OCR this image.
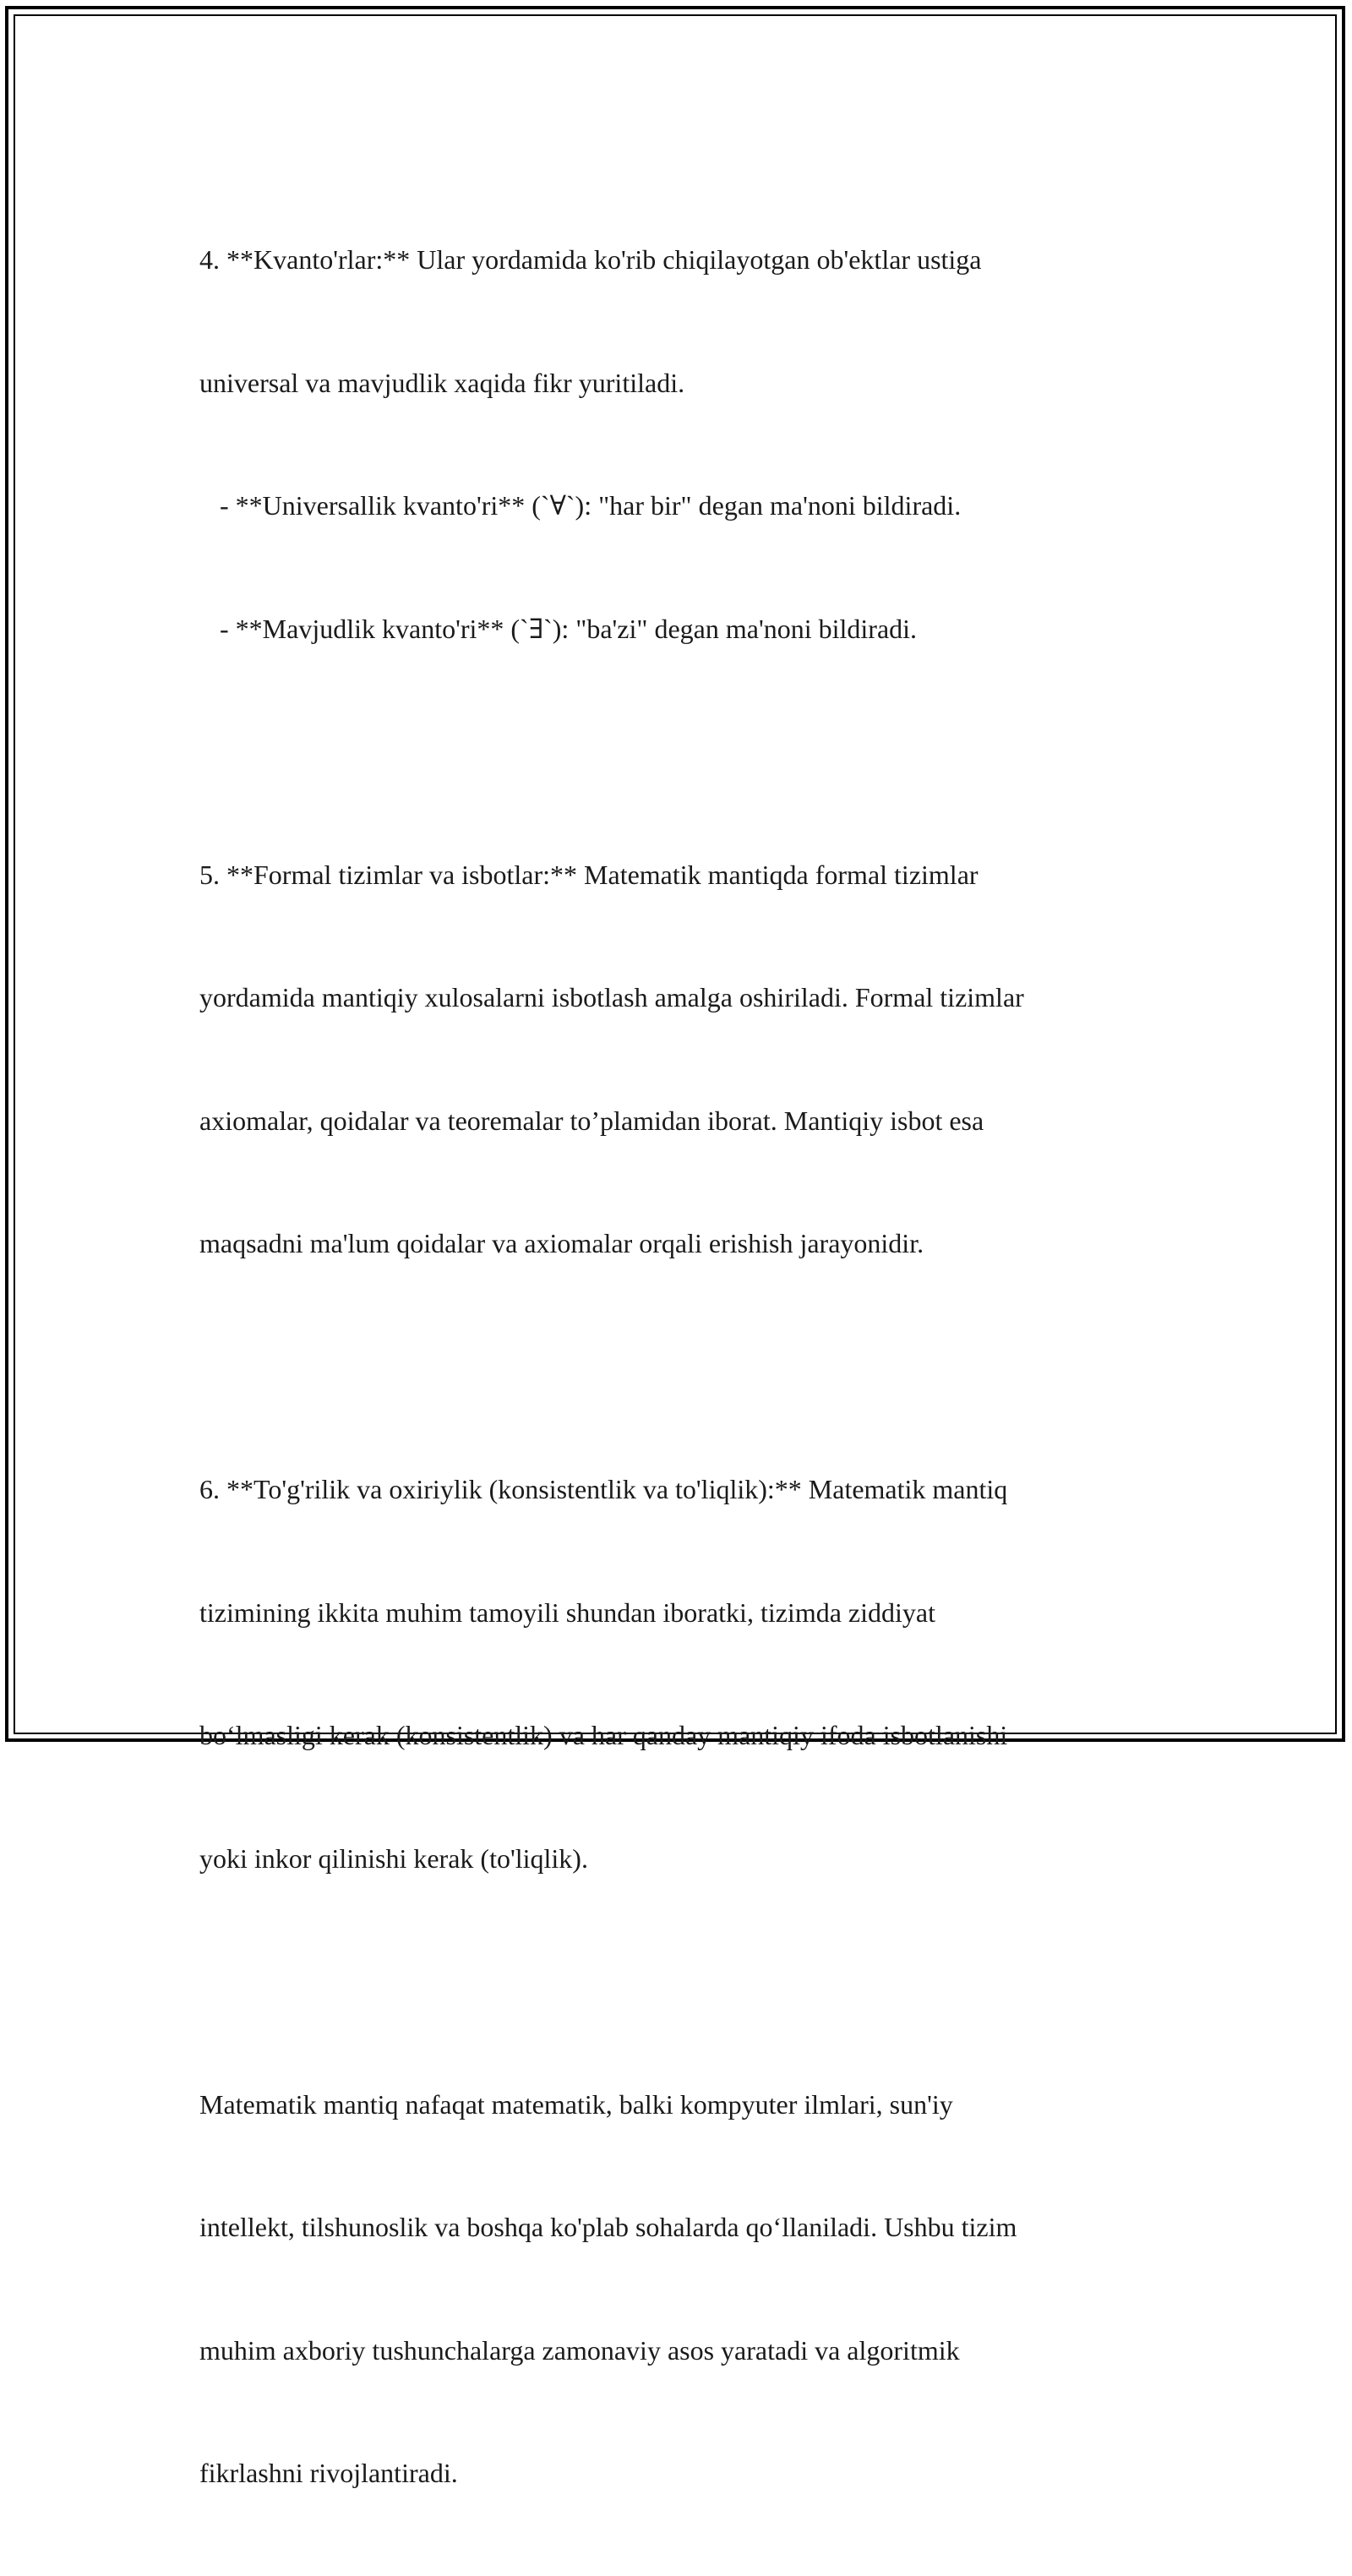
4. **Kvanto'rlar:** Ular yordamida ko'rib chiqilayotgan ob'ektlar ustiga

universal va mavjudlik xaqida fikr yuritiladi.

- **Universallik kvanto'ri** (`∀`): "har bir" degan ma'noni bildiradi.

- **Mavjudlik kvanto'ri** (`∃`): "ba'zi" degan ma'noni bildiradi.

5. **Formal tizimlar va isbotlar:** Matematik mantiqda formal tizimlar

yordamida mantiqiy xulosalarni isbotlash amalga oshiriladi. Formal tizimlar

axiomalar, qoidalar va teoremalar to’plamidan iborat. Mantiqiy isbot esa

maqsadni ma'lum qoidalar va axiomalar orqali erishish jarayonidir.

6. **To'g'rilik va oxiriylik (konsistentlik va to'liqlik):** Matematik mantiq

tizimining ikkita muhim tamoyili shundan iboratki, tizimda ziddiyat

bo‘lmasligi kerak (konsistentlik) va har qanday mantiqiy ifoda isbotlanishi

yoki inkor qilinishi kerak (to'liqlik).

Matematik mantiq nafaqat matematik, balki kompyuter ilmlari, sun'iy

intellekt, tilshunoslik va boshqa ko'plab sohalarda qo‘llaniladi. Ushbu tizim

muhim axboriy tushunchalarga zamonaviy asos yaratadi va algoritmik

fikrlashni rivojlantiradi.
